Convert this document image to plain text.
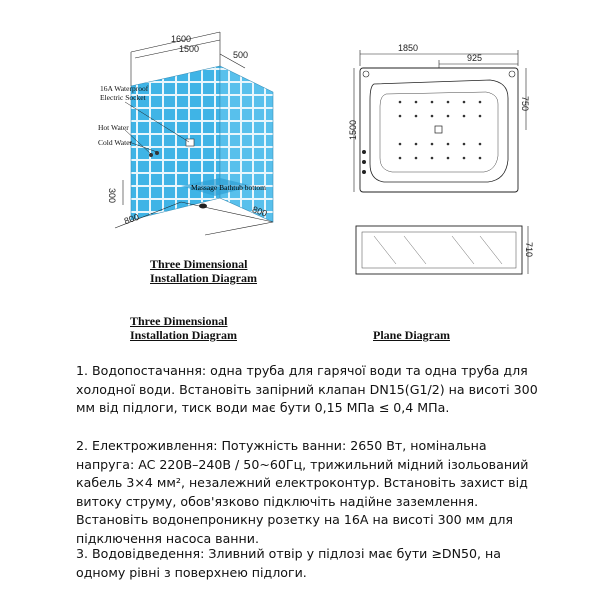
Massage Bathtub bottom
1600
1500
500
300
800
800
16A Waterproof Electric Socket
Hot Water
Cold Water
Three Dimensional
Installation Diagram
Three Dimensional
Installation Diagram
1850
925
1500
750
710
Plane Diagram
1. Водопостачання: одна труба для гарячої води та одна труба для холодної води. Встановіть запірний клапан DN15(G1/2) на висоті 300 мм від підлоги, тиск води має бути 0,15 МПа ≤ 0,4 МПа.
2. Електроживлення: Потужність ванни: 2650 Вт, номінальна напруга: AC 220В–240В / 50~60Гц, трижильний мідний ізольований кабель 3×4 мм², незалежний електроконтур. Встановіть захист від витоку струму, обов'язково підключіть надійне заземлення. Встановіть водонепроникну розетку на 16А на висоті 300 мм для підключення насоса ванни.
3. Водовідведення: Зливний отвір у підлозі має бути ≥DN50, на одному рівні з поверхнею підлоги.
